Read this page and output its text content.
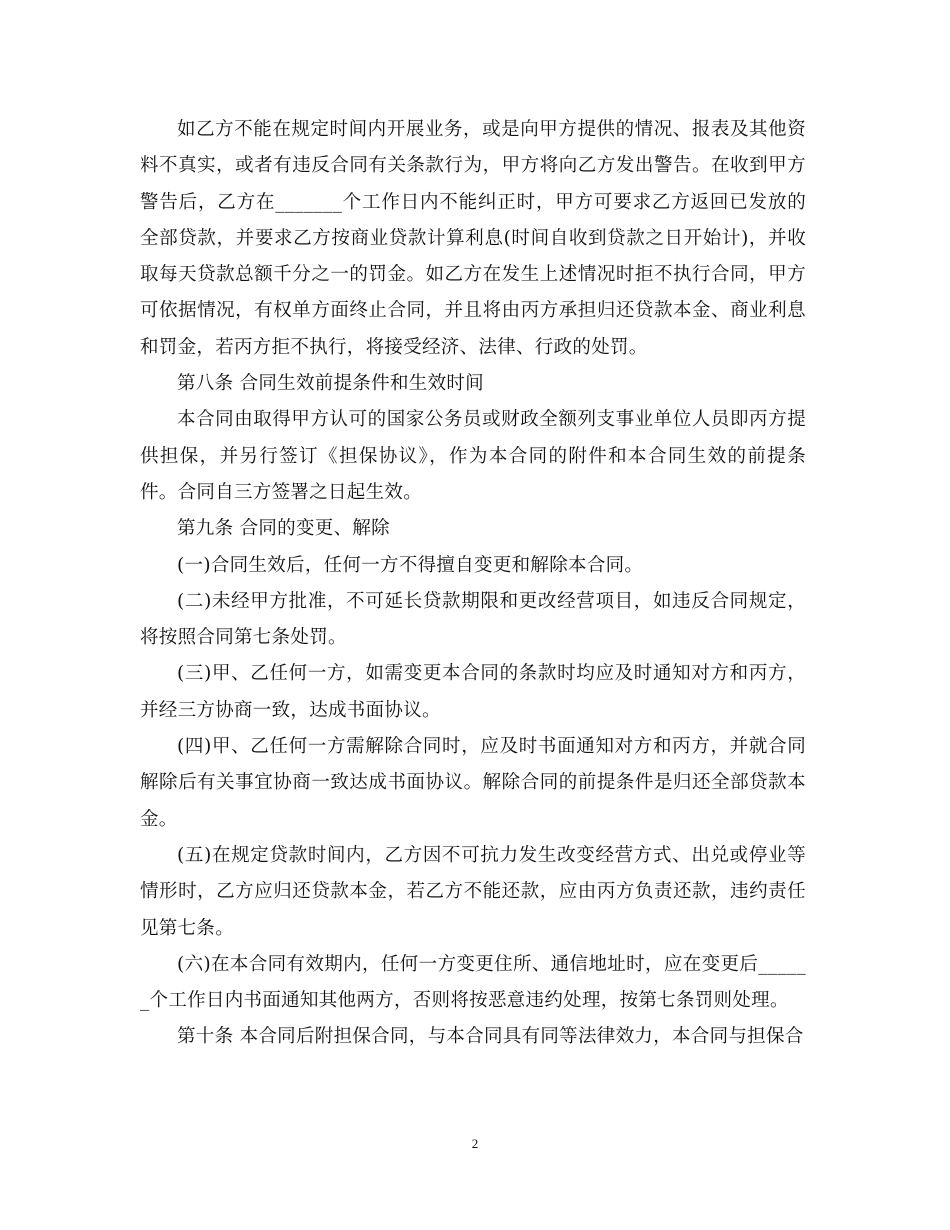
如乙方不能在规定时间内开展业务，或是向甲方提供的情况、报表及其他资料不真实，或者有违反合同有关条款行为，甲方将向乙方发出警告。在收到甲方警告后，乙方在_______个工作日内不能纠正时，甲方可要求乙方返回已发放的全部贷款，并要求乙方按商业贷款计算利息(时间自收到贷款之日开始计)，并收取每天贷款总额千分之一的罚金。如乙方在发生上述情况时拒不执行合同，甲方可依据情况，有权单方面终止合同，并且将由丙方承担归还贷款本金、商业利息和罚金，若丙方拒不执行，将接受经济、法律、行政的处罚。

第八条 合同生效前提条件和生效时间

本合同由取得甲方认可的国家公务员或财政全额列支事业单位人员即丙方提供担保，并另行签订《担保协议》，作为本合同的附件和本合同生效的前提条件。合同自三方签署之日起生效。

第九条 合同的变更、解除

(一)合同生效后，任何一方不得擅自变更和解除本合同。

(二)未经甲方批准，不可延长贷款期限和更改经营项目，如违反合同规定，将按照合同第七条处罚。

(三)甲、乙任何一方，如需变更本合同的条款时均应及时通知对方和丙方，并经三方协商一致，达成书面协议。

(四)甲、乙任何一方需解除合同时，应及时书面通知对方和丙方，并就合同解除后有关事宜协商一致达成书面协议。解除合同的前提条件是归还全部贷款本金。

(五)在规定贷款时间内，乙方因不可抗力发生改变经营方式、出兑或停业等情形时，乙方应归还贷款本金，若乙方不能还款，应由丙方负责还款，违约责任见第七条。

(六)在本合同有效期内，任何一方变更住所、通信地址时，应在变更后______个工作日内书面通知其他两方，否则将按恶意违约处理，按第七条罚则处理。

第十条 本合同后附担保合同，与本合同具有同等法律效力，本合同与担保合

2
